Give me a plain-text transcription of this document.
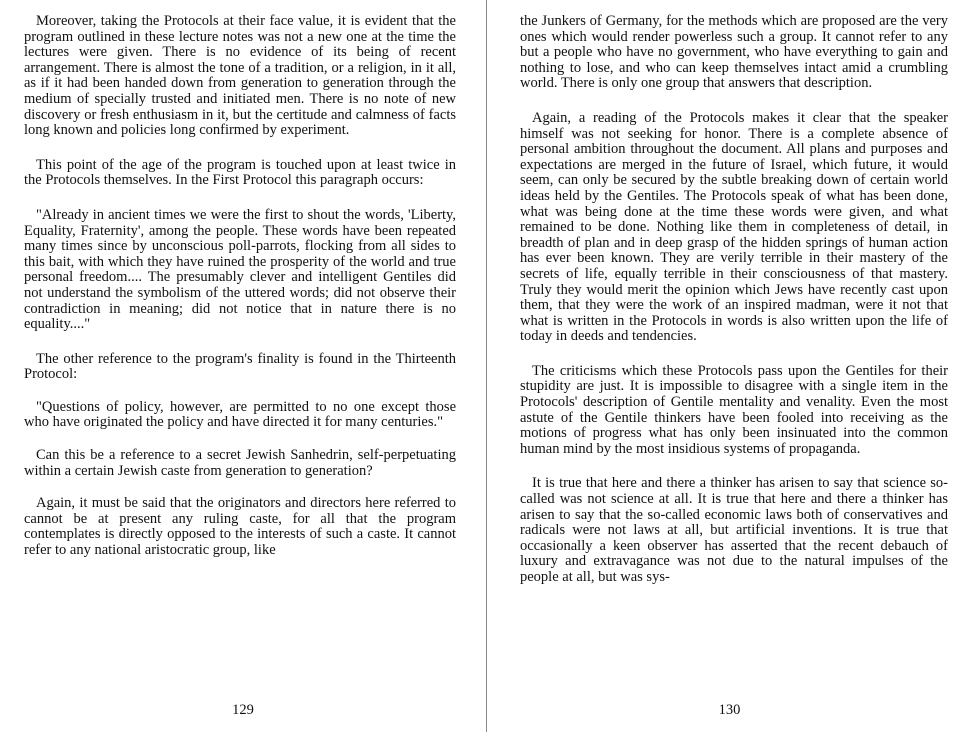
Moreover, taking the Protocols at their face value, it is evident that the program outlined in these lecture notes was not a new one at the time the lectures were given. There is no evidence of its being of recent arrangement. There is almost the tone of a tradition, or a religion, in it all, as if it had been handed down from generation to generation through the medium of specially trusted and initiated men. There is no note of new discovery or fresh enthusiasm in it, but the certitude and calmness of facts long known and policies long confirmed by experiment.

This point of the age of the program is touched upon at least twice in the Protocols themselves. In the First Protocol this paragraph occurs:

"Already in ancient times we were the first to shout the words, 'Liberty, Equality, Fraternity', among the people. These words have been repeated many times since by unconscious poll-parrots, flocking from all sides to this bait, with which they have ruined the prosperity of the world and true personal freedom.... The presumably clever and intelligent Gentiles did not understand the symbolism of the uttered words; did not observe their contradiction in meaning; did not notice that in nature there is no equality...."

The other reference to the program's finality is found in the Thirteenth Protocol:

"Questions of policy, however, are permitted to no one except those who have originated the policy and have directed it for many centuries."

Can this be a reference to a secret Jewish Sanhedrin, self-perpetuating within a certain Jewish caste from generation to generation?

Again, it must be said that the originators and directors here referred to cannot be at present any ruling caste, for all that the program contemplates is directly opposed to the interests of such a caste. It cannot refer to any national aristocratic group, like

129

the Junkers of Germany, for the methods which are proposed are the very ones which would render powerless such a group. It cannot refer to any but a people who have no government, who have everything to gain and nothing to lose, and who can keep themselves intact amid a crumbling world. There is only one group that answers that description.

Again, a reading of the Protocols makes it clear that the speaker himself was not seeking for honor. There is a complete absence of personal ambition throughout the document. All plans and purposes and expectations are merged in the future of Israel, which future, it would seem, can only be secured by the subtle breaking down of certain world ideas held by the Gentiles. The Protocols speak of what has been done, what was being done at the time these words were given, and what remained to be done. Nothing like them in completeness of detail, in breadth of plan and in deep grasp of the hidden springs of human action has ever been known. They are verily terrible in their mastery of the secrets of life, equally terrible in their consciousness of that mastery. Truly they would merit the opinion which Jews have recently cast upon them, that they were the work of an inspired madman, were it not that what is written in the Protocols in words is also written upon the life of today in deeds and tendencies.

The criticisms which these Protocols pass upon the Gentiles for their stupidity are just. It is impossible to disagree with a single item in the Protocols' description of Gentile mentality and venality. Even the most astute of the Gentile thinkers have been fooled into receiving as the motions of progress what has only been insinuated into the common human mind by the most insidious systems of propaganda.

It is true that here and there a thinker has arisen to say that science so-called was not science at all. It is true that here and there a thinker has arisen to say that the so-called economic laws both of conservatives and radicals were not laws at all, but artificial inventions. It is true that occasionally a keen observer has asserted that the recent debauch of luxury and extravagance was not due to the natural impulses of the people at all, but was sys-

130
